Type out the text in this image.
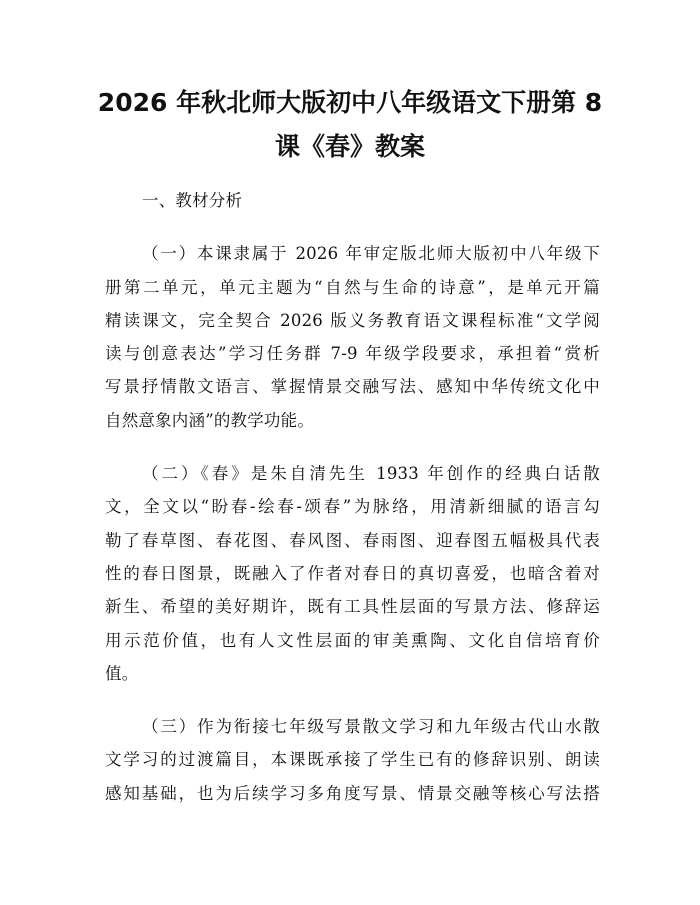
2026 年秋北师大版初中八年级语文下册第 8
课《春》教案
一、教材分析
（一）本课隶属于 2026 年审定版北师大版初中八年级下
册第二单元，单元主题为“自然与生命的诗意”，是单元开篇
精读课文，完全契合 2026 版义务教育语文课程标准“文学阅
读与创意表达”学习任务群 7-9 年级学段要求，承担着“赏析
写景抒情散文语言、掌握情景交融写法、感知中华传统文化中
自然意象内涵”的教学功能。
（二）《春》是朱自清先生 1933 年创作的经典白话散
文，全文以“盼春-绘春-颂春”为脉络，用清新细腻的语言勾
勒了春草图、春花图、春风图、春雨图、迎春图五幅极具代表
性的春日图景，既融入了作者对春日的真切喜爱，也暗含着对
新生、希望的美好期许，既有工具性层面的写景方法、修辞运
用示范价值，也有人文性层面的审美熏陶、文化自信培育价
值。
（三）作为衔接七年级写景散文学习和九年级古代山水散
文学习的过渡篇目，本课既承接了学生已有的修辞识别、朗读
感知基础，也为后续学习多角度写景、情景交融等核心写法搭
